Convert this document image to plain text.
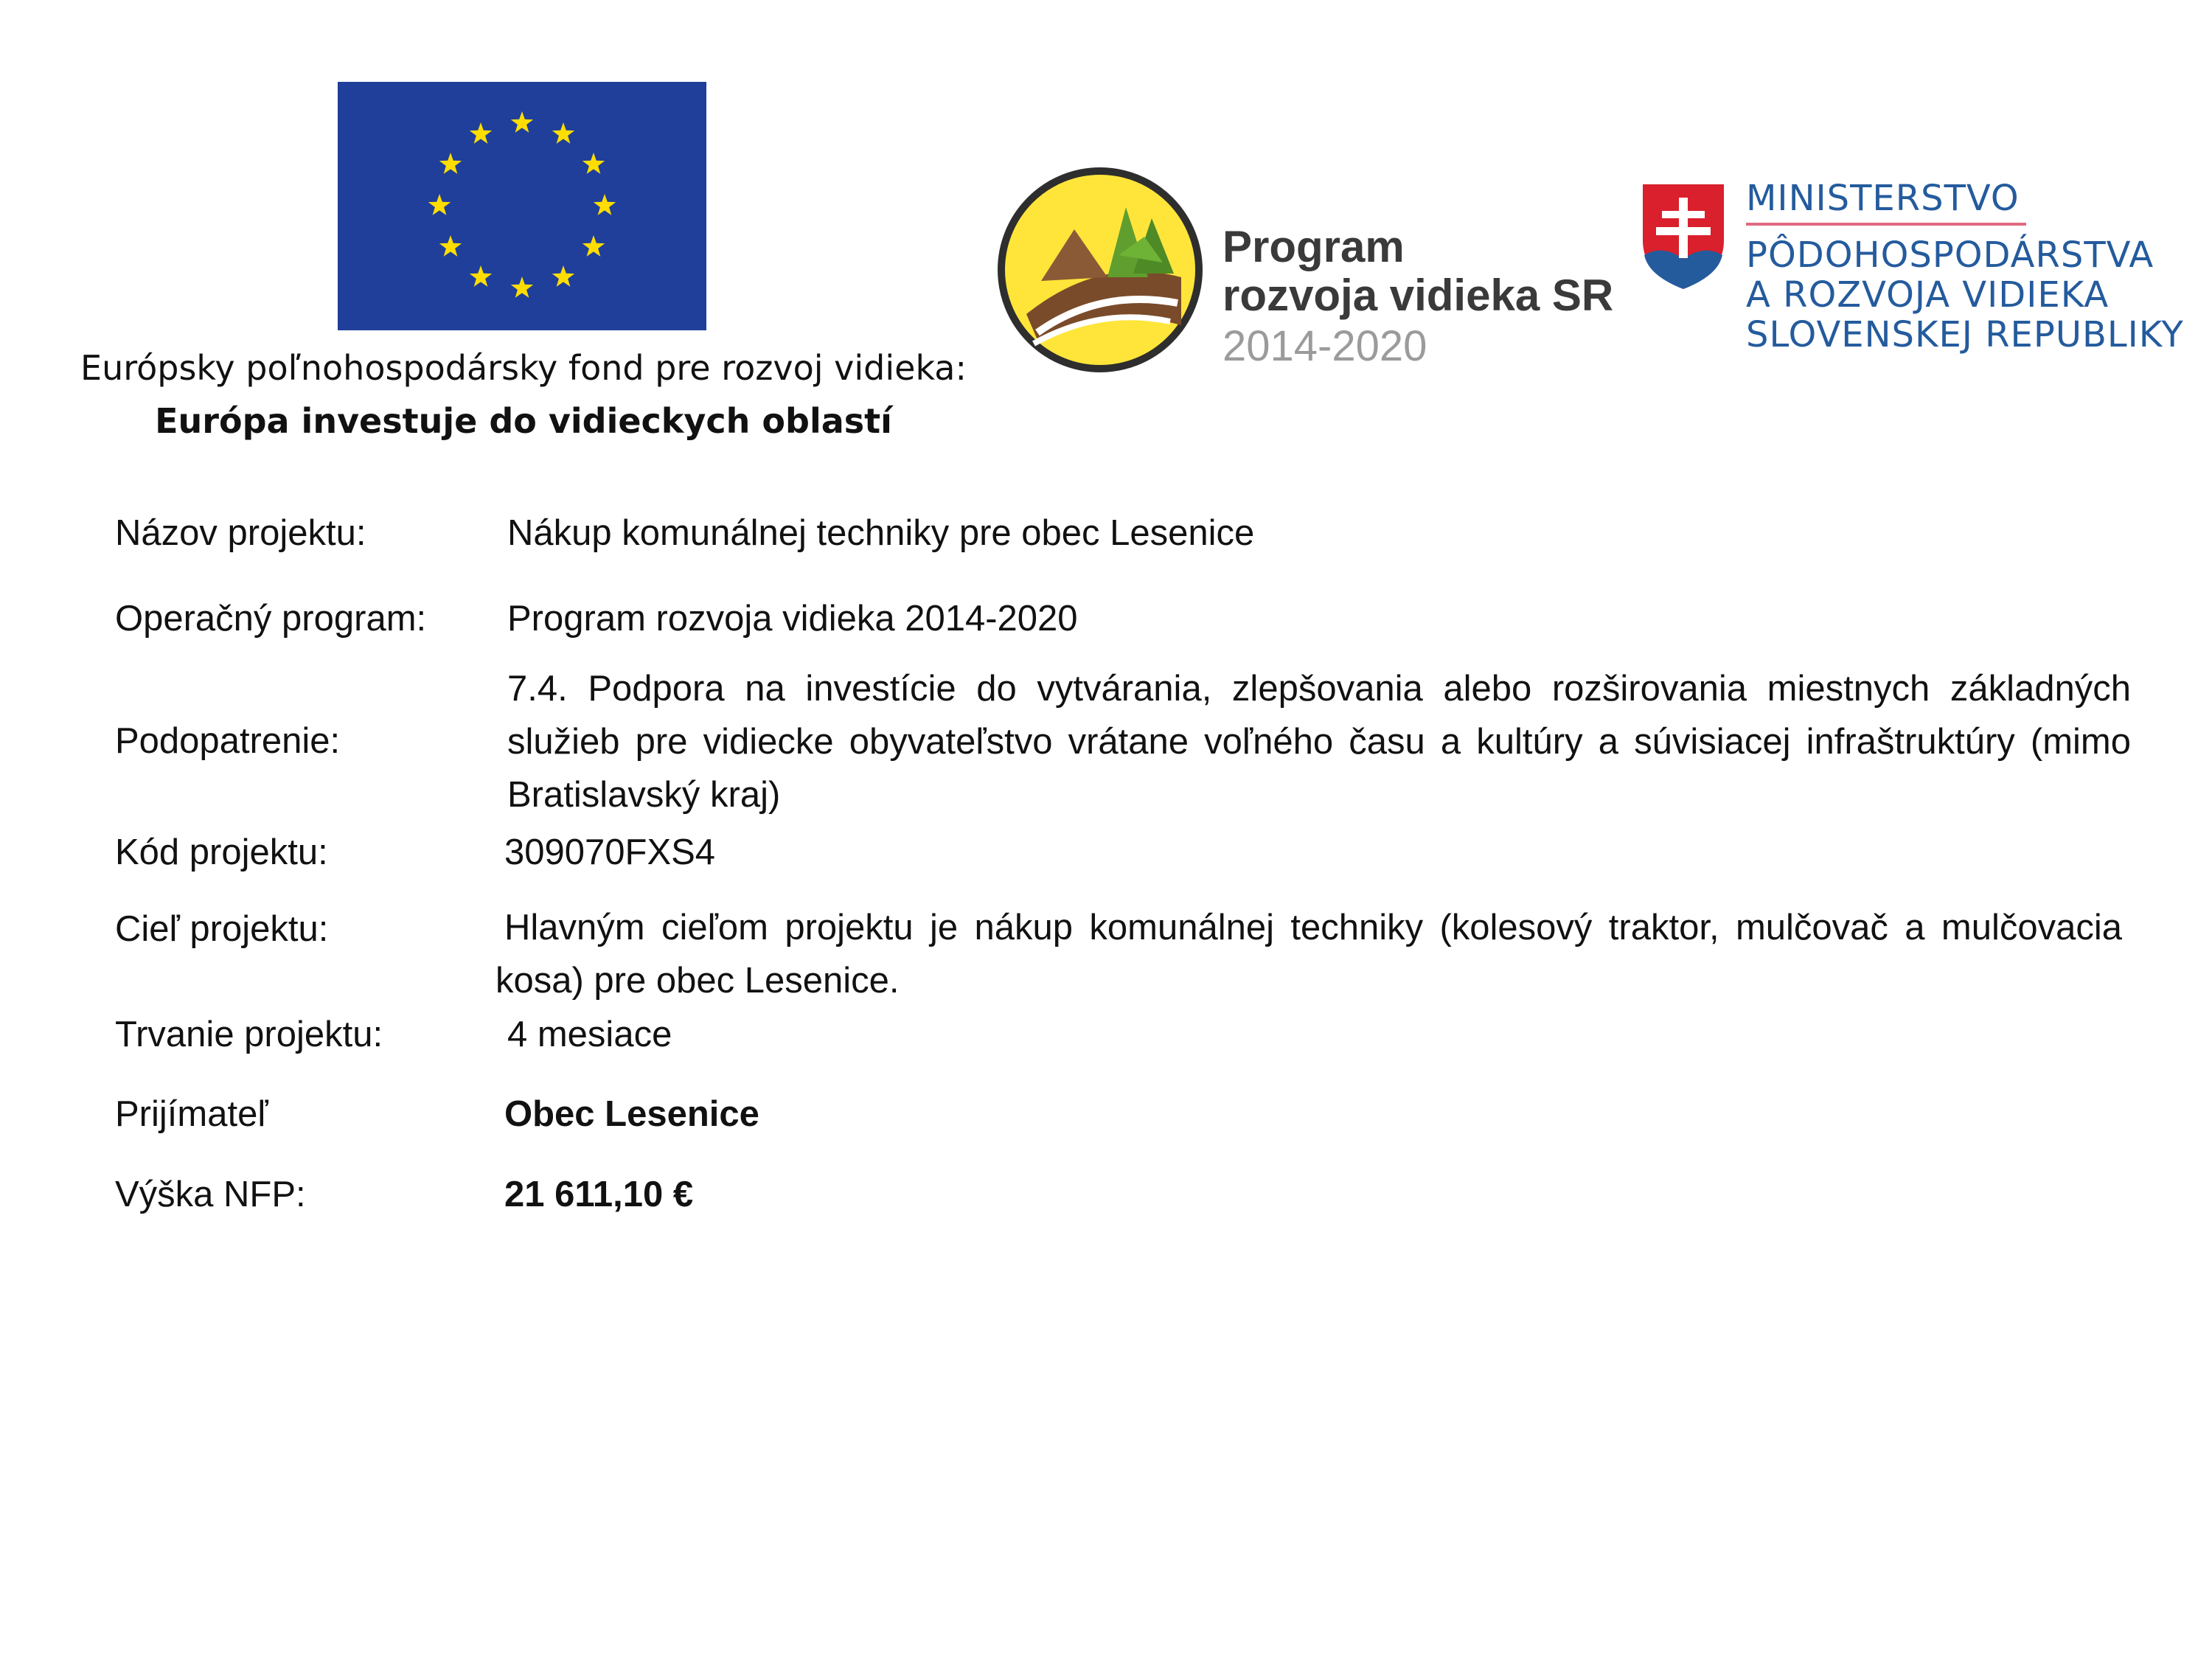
Európsky poľnohospodársky fond pre rozvoj vidieka:
Európa investuje do vidieckych oblastí
Program
rozvoja vidieka SR
2014-2020
MINISTERSTVO
PÔDOHOSPODÁRSTVA
A ROZVOJA VIDIEKA
SLOVENSKEJ REPUBLIKY
Názov projektu:	Nákup komunálnej techniky pre obec Lesenice
Operačný program: Program rozvoja vidieka 2014-2020
Podopatrenie:
7.4. Podpora na investície do vytvárania, zlepšovania alebo rozširovania miestnych základných služieb pre vidiecke obyvateľstvo vrátane voľného času a kultúry a súvisiacej infraštruktúry (mimo Bratislavský kraj)
Kód projektu:	309070FXS4
Cieľ projektu:	Hlavným cieľom projektu je nákup komunálnej techniky (kolesový traktor, mulčovač a mulčovacia kosa) pre obec Lesenice.
Trvanie projektu:	4 mesiace
Prijímateľ	Obec Lesenice
Výška NFP:	21 611,10 €
